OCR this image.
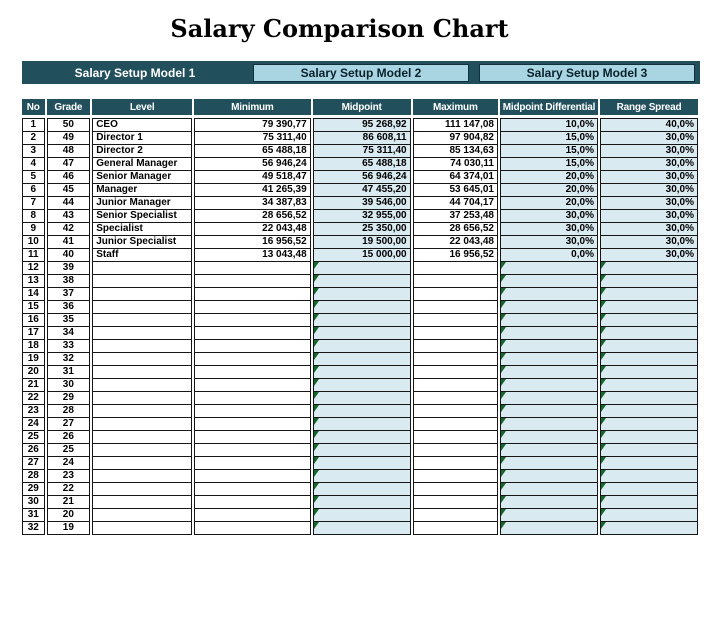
Salary Comparison Chart
Salary Setup Model 1	Salary Setup Model 2	Salary Setup Model 3
No	Grade	Level	Minimum	Midpoint	Maximum	Midpoint Differential	Range Spread
1	50	CEO	79 390,77	95 268,92	111 147,08	10,0%	40,0%
2	49	Director 1	75 311,40	86 608,11	97 904,82	15,0%	30,0%
3	48	Director 2	65 488,18	75 311,40	85 134,63	15,0%	30,0%
4	47	General Manager	56 946,24	65 488,18	74 030,11	15,0%	30,0%
5	46	Senior Manager	49 518,47	56 946,24	64 374,01	20,0%	30,0%
6	45	Manager	41 265,39	47 455,20	53 645,01	20,0%	30,0%
7	44	Junior Manager	34 387,83	39 546,00	44 704,17	20,0%	30,0%
8	43	Senior Specialist	28 656,52	32 955,00	37 253,48	30,0%	30,0%
9	42	Specialist	22 043,48	25 350,00	28 656,52	30,0%	30,0%
10	41	Junior Specialist	16 956,52	19 500,00	22 043,48	30,0%	30,0%
11	40	Staff	13 043,48	15 000,00	16 956,52	0,0%	30,0%
12	39			

13	38			

14	37			

15	36			

16	35			

17	34			

18	33			

19	32			

20	31			

21	30			

22	29			

23	28			

24	27			

25	26			

26	25			

27	24			

28	23			

29	22			

30	21			

31	20			

32	19			
